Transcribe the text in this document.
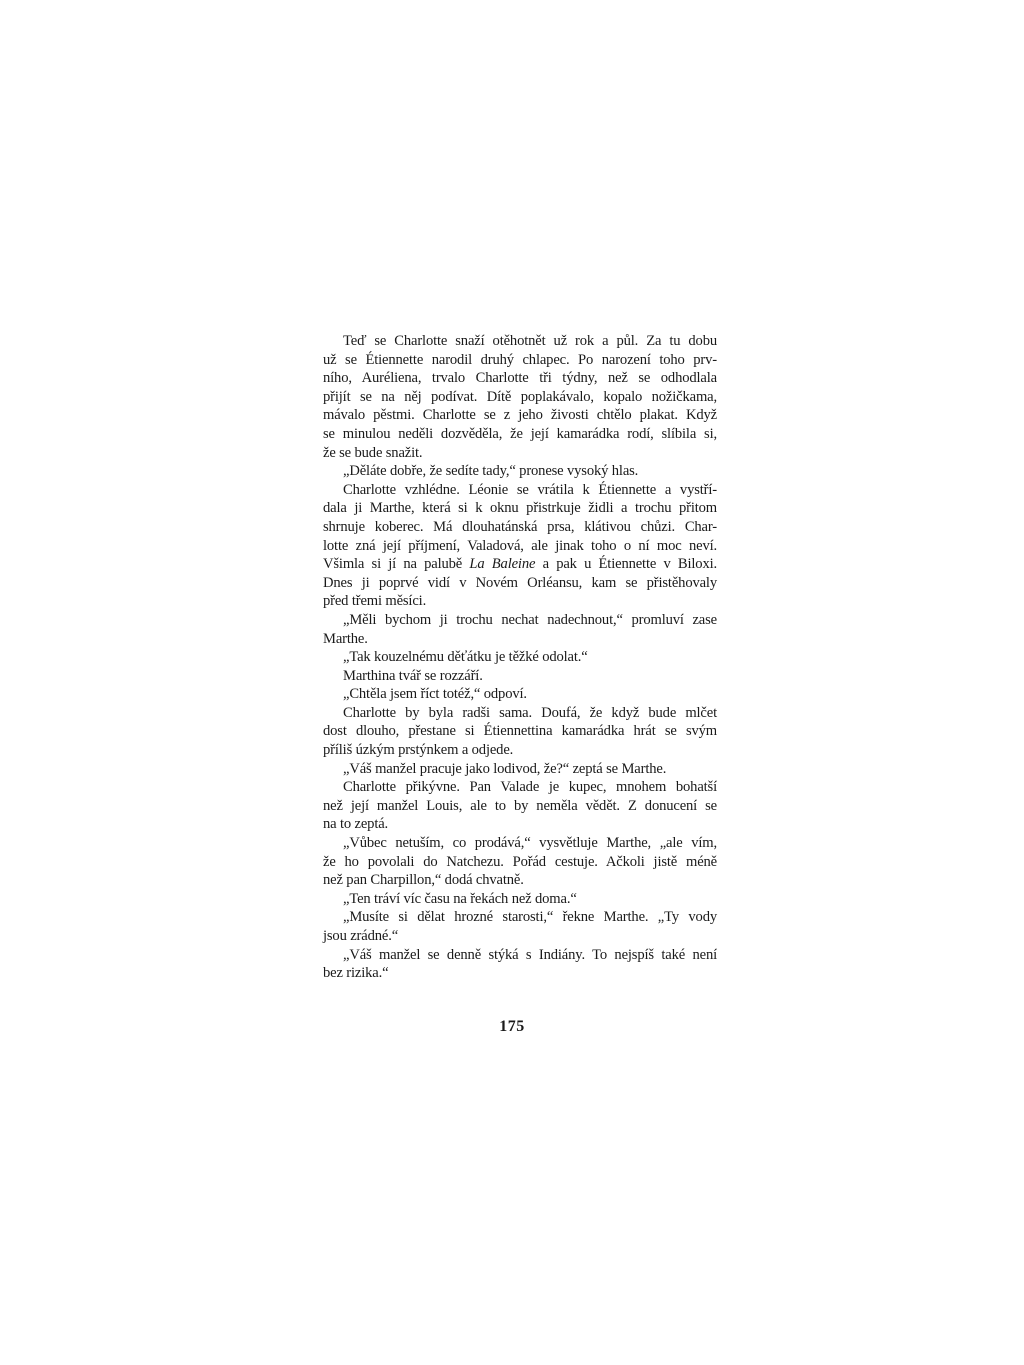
Teď se Charlotte snaží otěhotnět už rok a půl. Za tu dobu
už se Étiennette narodil druhý chlapec. Po narození toho prv-
ního, Auréliena, trvalo Charlotte tři týdny, než se odhodlala
přijít se na něj podívat. Dítě poplakávalo, kopalo nožičkama,
mávalo pěstmi. Charlotte se z jeho živosti chtělo plakat. Když
se minulou neděli dozvěděla, že její kamarádka rodí, slíbila si,
že se bude snažit.
„Děláte dobře, že sedíte tady,“ pronese vysoký hlas.
Charlotte vzhlédne. Léonie se vrátila k Étiennette a vystří-
dala ji Marthe, která si k oknu přistrkuje židli a trochu přitom
shrnuje koberec. Má dlouhatánská prsa, klátivou chůzi. Char-
lotte zná její příjmení, Valadová, ale jinak toho o ní moc neví.
Všimla si jí na palubě La Baleine a pak u Étiennette v Biloxi.
Dnes ji poprvé vidí v Novém Orléansu, kam se přistěhovaly
před třemi měsíci.
„Měli bychom ji trochu nechat nadechnout,“ promluví zase
Marthe.
„Tak kouzelnému děťátku je těžké odolat.“
Marthina tvář se rozzáří.
„Chtěla jsem říct totéž,“ odpoví.
Charlotte by byla radši sama. Doufá, že když bude mlčet
dost dlouho, přestane si Étiennettina kamarádka hrát se svým
příliš úzkým prstýnkem a odjede.
„Váš manžel pracuje jako lodivod, že?“ zeptá se Marthe.
Charlotte přikývne. Pan Valade je kupec, mnohem bohatší
než její manžel Louis, ale to by neměla vědět. Z donucení se
na to zeptá.
„Vůbec netuším, co prodává,“ vysvětluje Marthe, „ale vím,
že ho povolali do Natchezu. Pořád cestuje. Ačkoli jistě méně
než pan Charpillon,“ dodá chvatně.
„Ten tráví víc času na řekách než doma.“
„Musíte si dělat hrozné starosti,“ řekne Marthe. „Ty vody
jsou zrádné.“
„Váš manžel se denně stýká s Indiány. To nejspíš také není
bez rizika.“
175
